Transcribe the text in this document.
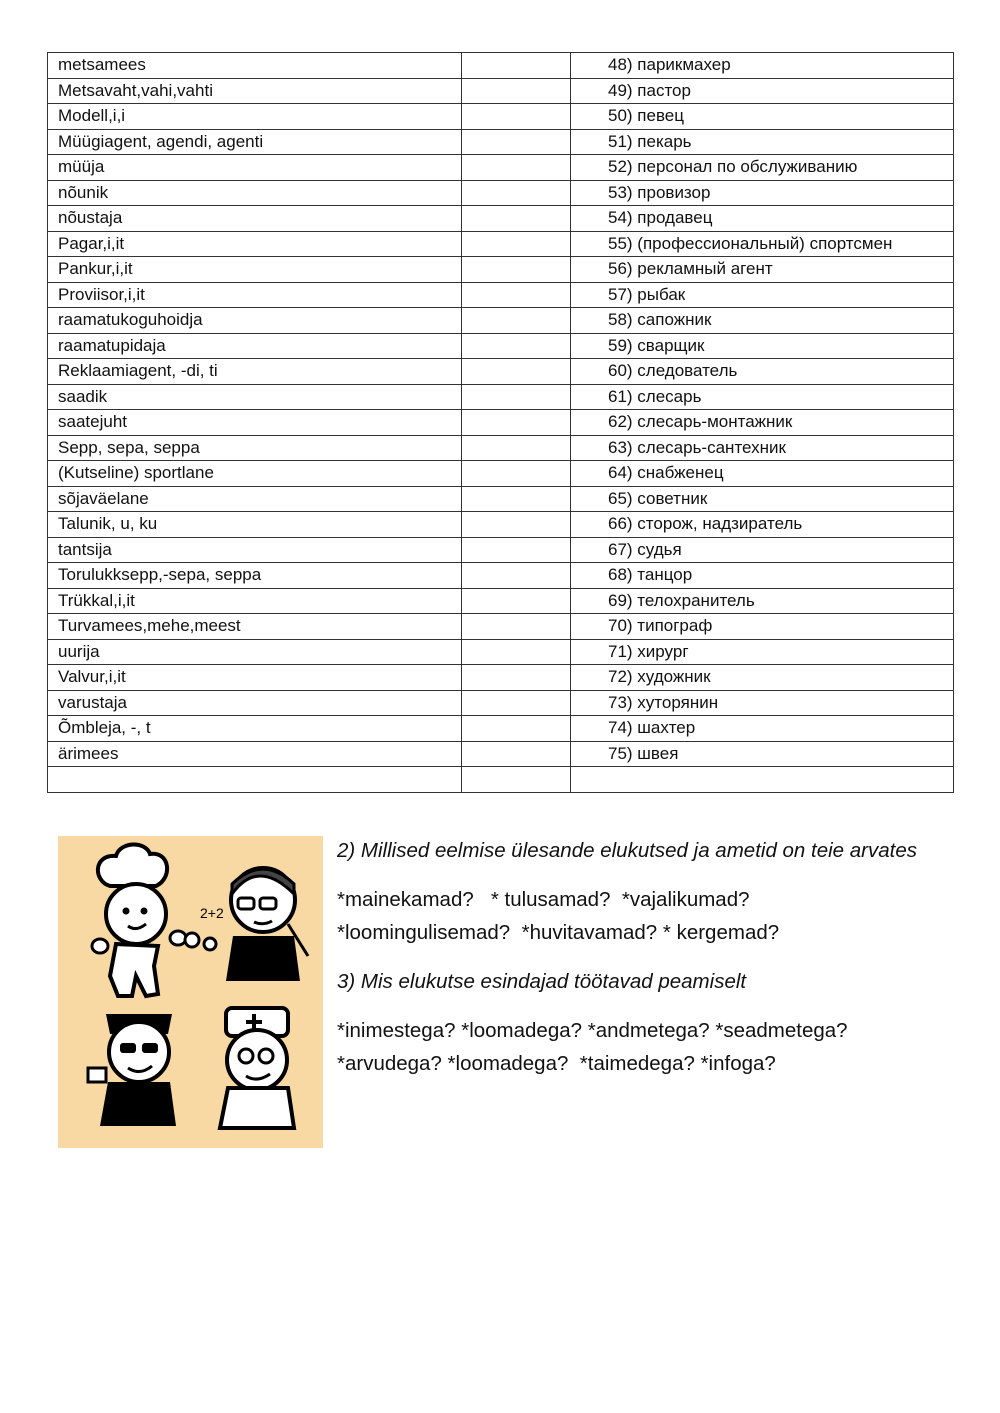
metsamees		48) парикмахер
Metsavaht,vahi,vahti		49) пастор
Modell,i,i		50) певец
Müügiagent, agendi, agenti		51) пекарь
müüja		52) персонал по обслуживанию
nõunik		53) провизор
nõustaja		54) продавец
Pagar,i,it		55) (профессиональный) спортсмен
Pankur,i,it		56) рекламный агент
Proviisor,i,it		57) рыбак
raamatukoguhoidja		58) сапожник
raamatupidaja		59) сварщик
Reklaamiagent, -di, ti		60) следователь
saadik		61) слесарь
saatejuht		62) слесарь-монтажник
Sepp, sepa, seppa		63) слесарь-сантехник
(Kutseline) sportlane		64) снабженец
sõjaväelane		65) советник
Talunik, u, ku		66) сторож, надзиратель
tantsija		67) судья
Torulukksepp,-sepa, seppa		68) танцор
Trükkal,i,it		69) телохранитель
Turvamees,mehe,meest		70) типограф
uurija		71) хирург
Valvur,i,it		72) художник
varustaja		73) хуторянин
Õmbleja, -, t		74) шахтер
ärimees		75) швея

2+2

2) Millised eelmise ülesande elukutsed ja ametid on teie arvates

*mainekamad?   * tulusamad?  *vajalikumad?
*loomingulisemad?  *huvitavamad? * kergemad?

3) Mis elukutse esindajad töötavad peamiselt

*inimestega? *loomadega? *andmetega? *seadmetega?
*arvudega? *loomadega?  *taimedega? *infoga?
